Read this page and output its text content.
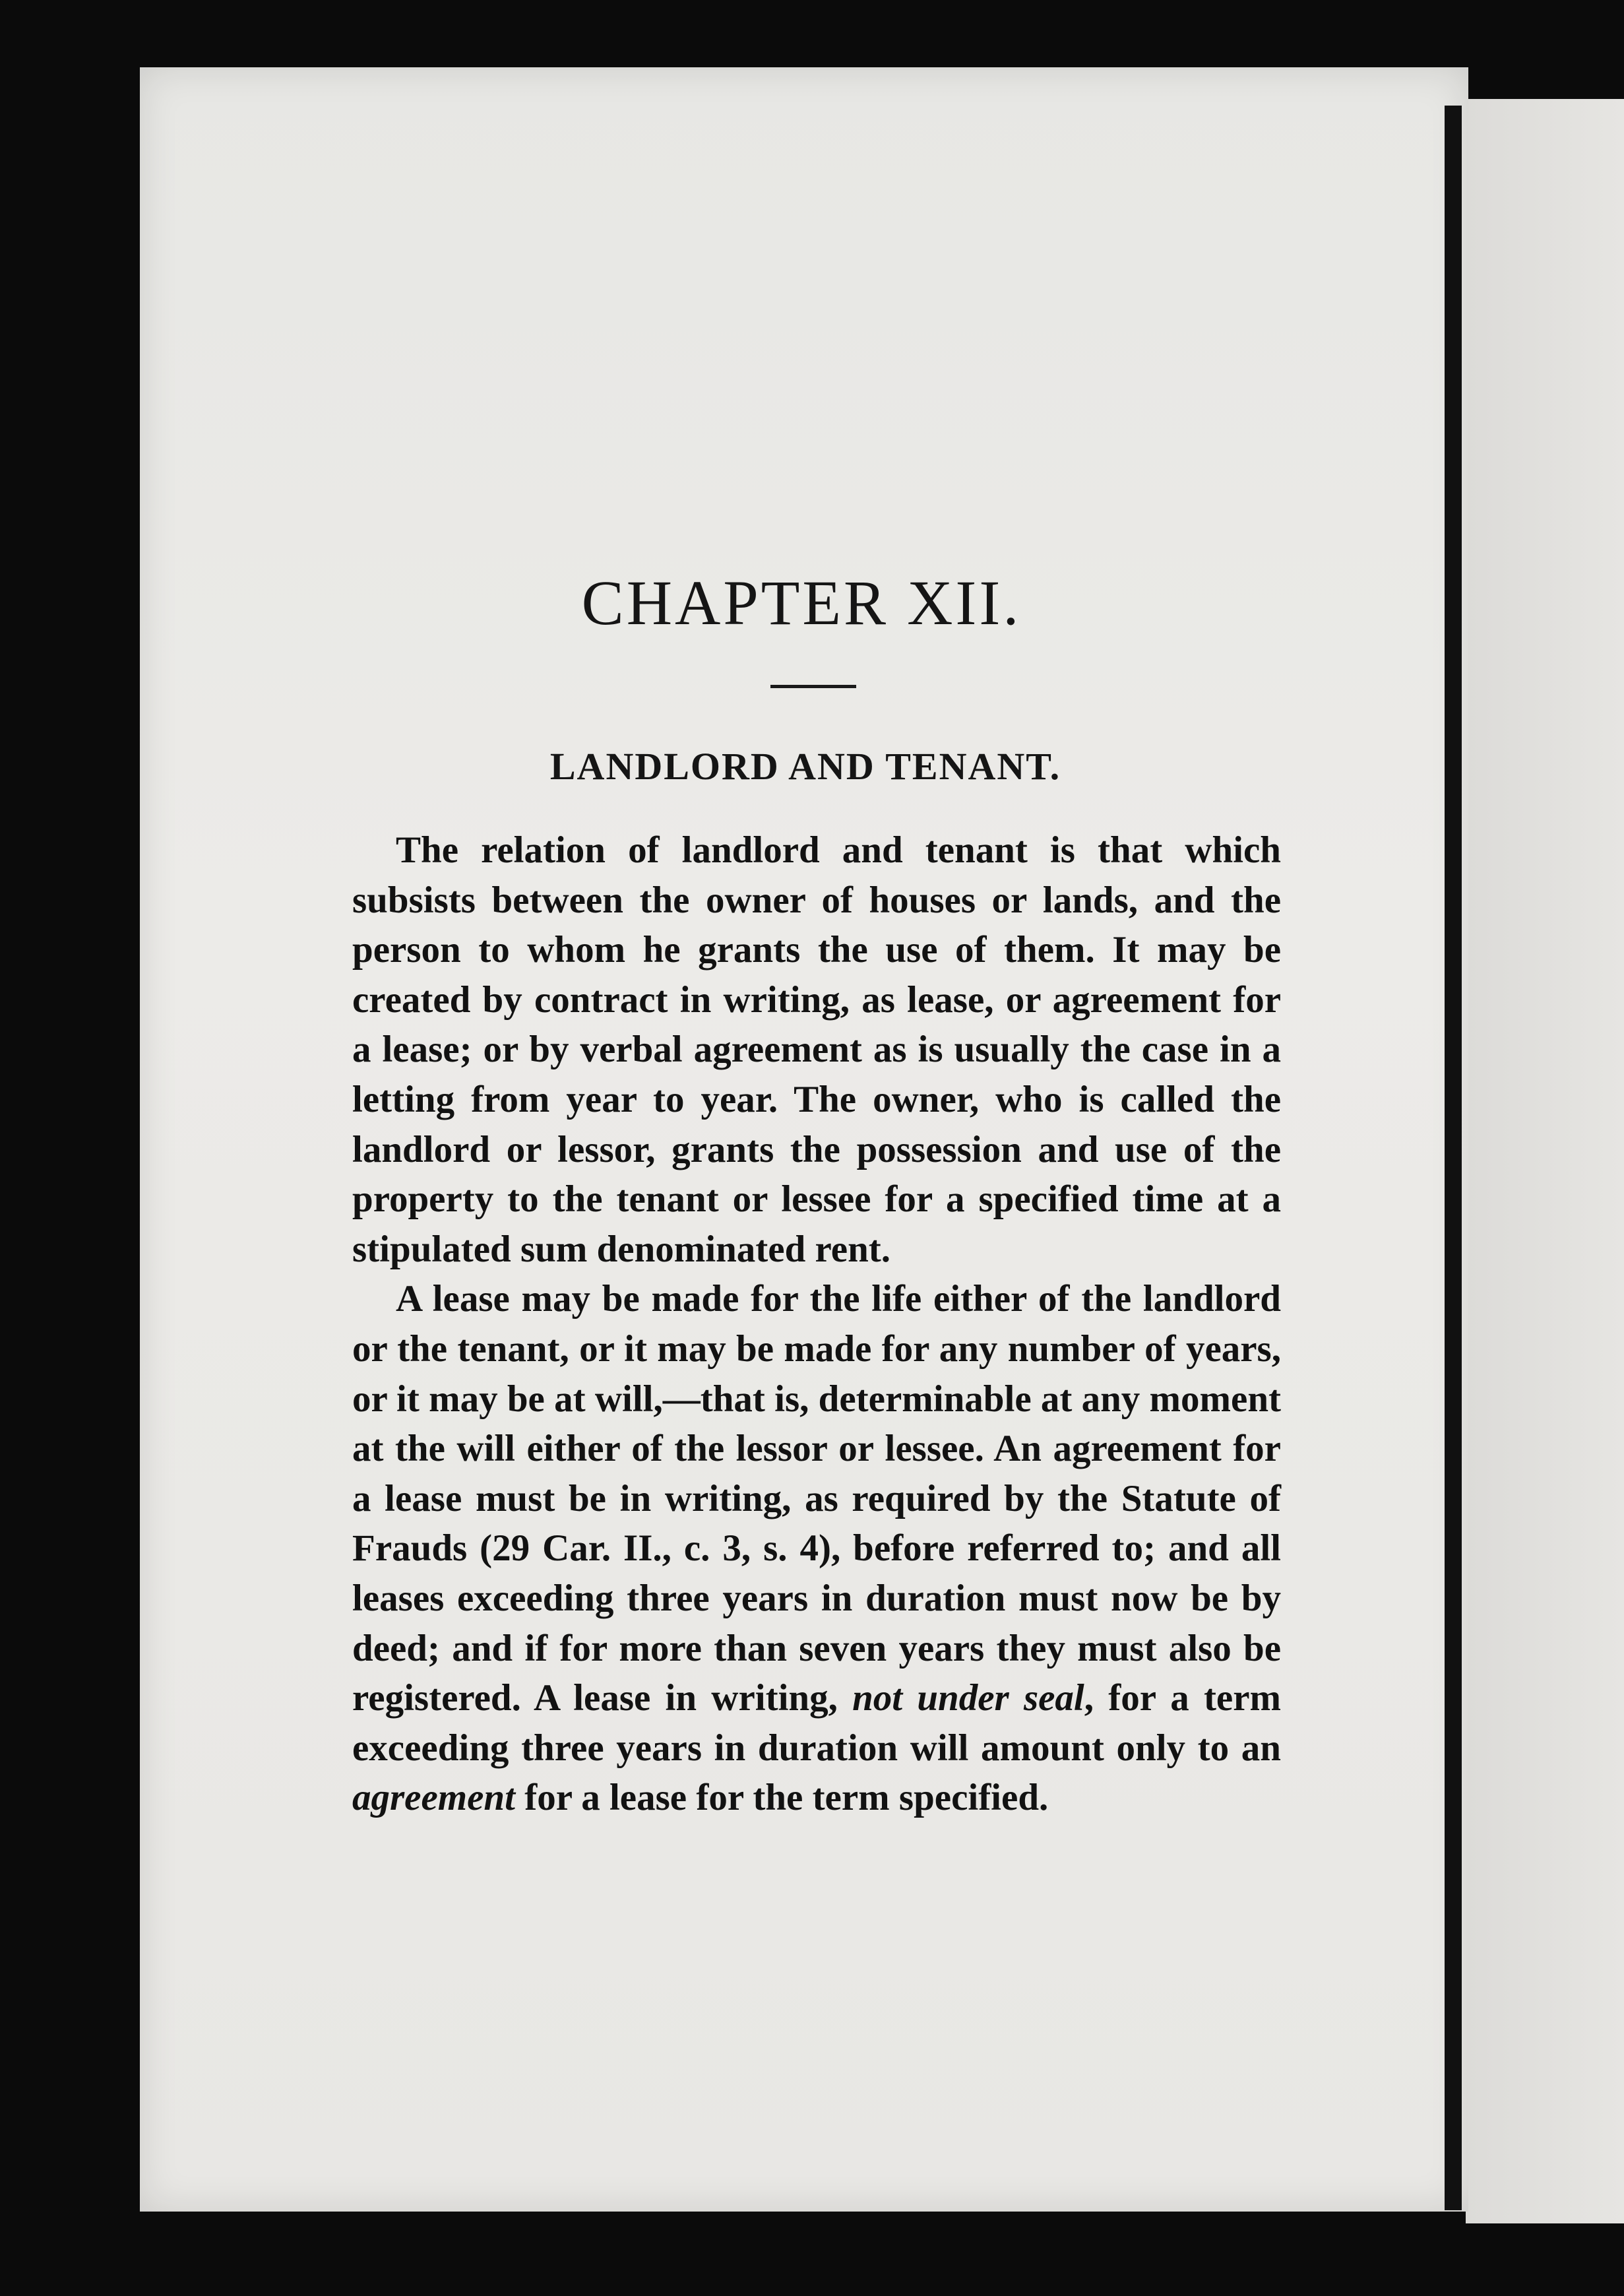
CHAPTER XII.
LANDLORD AND TENANT.

The relation of landlord and tenant is that which subsists between the owner of houses or lands, and the person to whom he grants the use of them. It may be created by contract in writing, as lease, or agreement for a lease; or by verbal agreement as is usually the case in a letting from year to year. The owner, who is called the landlord or lessor, grants the possession and use of the property to the tenant or lessee for a specified time at a stipulated sum denominated rent.

A lease may be made for the life either of the landlord or the tenant, or it may be made for any number of years, or it may be at will,—that is, determinable at any moment at the will either of the lessor or lessee. An agreement for a lease must be in writing, as required by the Statute of Frauds (29 Car. II., c. 3, s. 4), before referred to; and all leases exceeding three years in duration must now be by deed; and if for more than seven years they must also be registered. A lease in writing, not under seal, for a term exceeding three years in duration will amount only to an agreement for a lease for the term specified.
